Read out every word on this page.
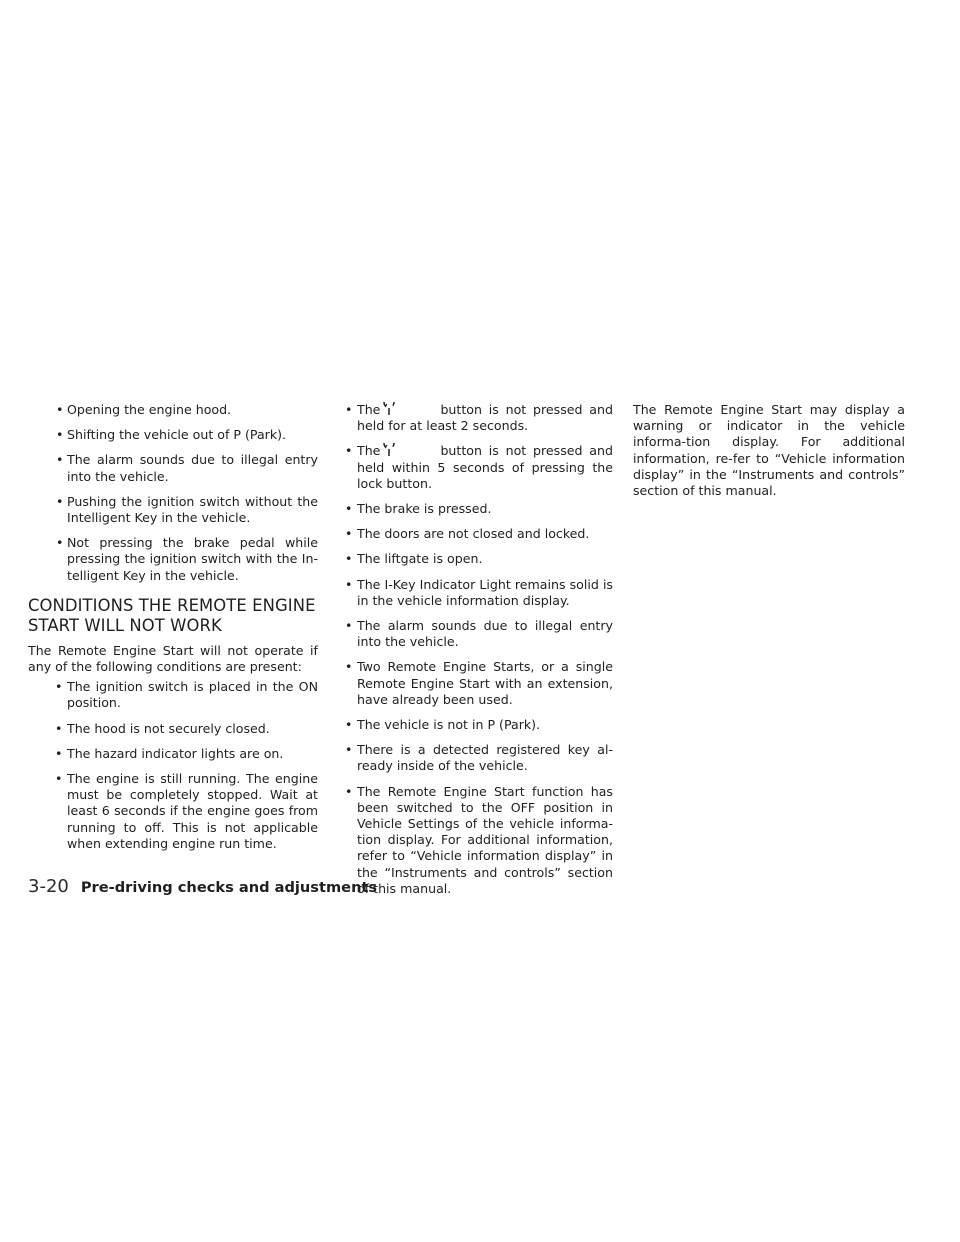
• Opening the engine hood.
• Shifting the vehicle out of P (Park).
• The alarm sounds due to illegal entry into the vehicle.
• Pushing the ignition switch without the Intelligent Key in the vehicle.
• Not pressing the brake pedal while pressing the ignition switch with the In-telligent Key in the vehicle.
CONDITIONS THE REMOTE ENGINE
START WILL NOT WORK

The Remote Engine Start will not operate if any of the following conditions are present:

• The ignition switch is placed in the ON position.
• The hood is not securely closed.
• The hazard indicator lights are on.
• The engine is still running. The engine must be completely stopped. Wait at least 6 seconds if the engine goes from running to off. This is not applicable when extending engine run time.
• The	button is not pressed and held for at least 2 seconds.
• The	button is not pressed and held within 5 seconds of pressing the lock button.
• The brake is pressed.
• The doors are not closed and locked.
• The liftgate is open.
• The I-Key Indicator Light remains solid is in the vehicle information display.
• The alarm sounds due to illegal entry into the vehicle.
• Two Remote Engine Starts, or a single Remote Engine Start with an extension, have already been used.
• The vehicle is not in P (Park).
• There is a detected registered key al-ready inside of the vehicle.
• The Remote Engine Start function has been switched to the OFF position in Vehicle Settings of the vehicle informa-tion display. For additional information, refer to “Vehicle information display” in the “Instruments and controls” section of this manual.

The Remote Engine Start may display a warning or indicator in the vehicle informa-tion display. For additional information, re-fer to “Vehicle information display” in the “Instruments and controls” section of this manual.

3-20 Pre-driving checks and adjustments
